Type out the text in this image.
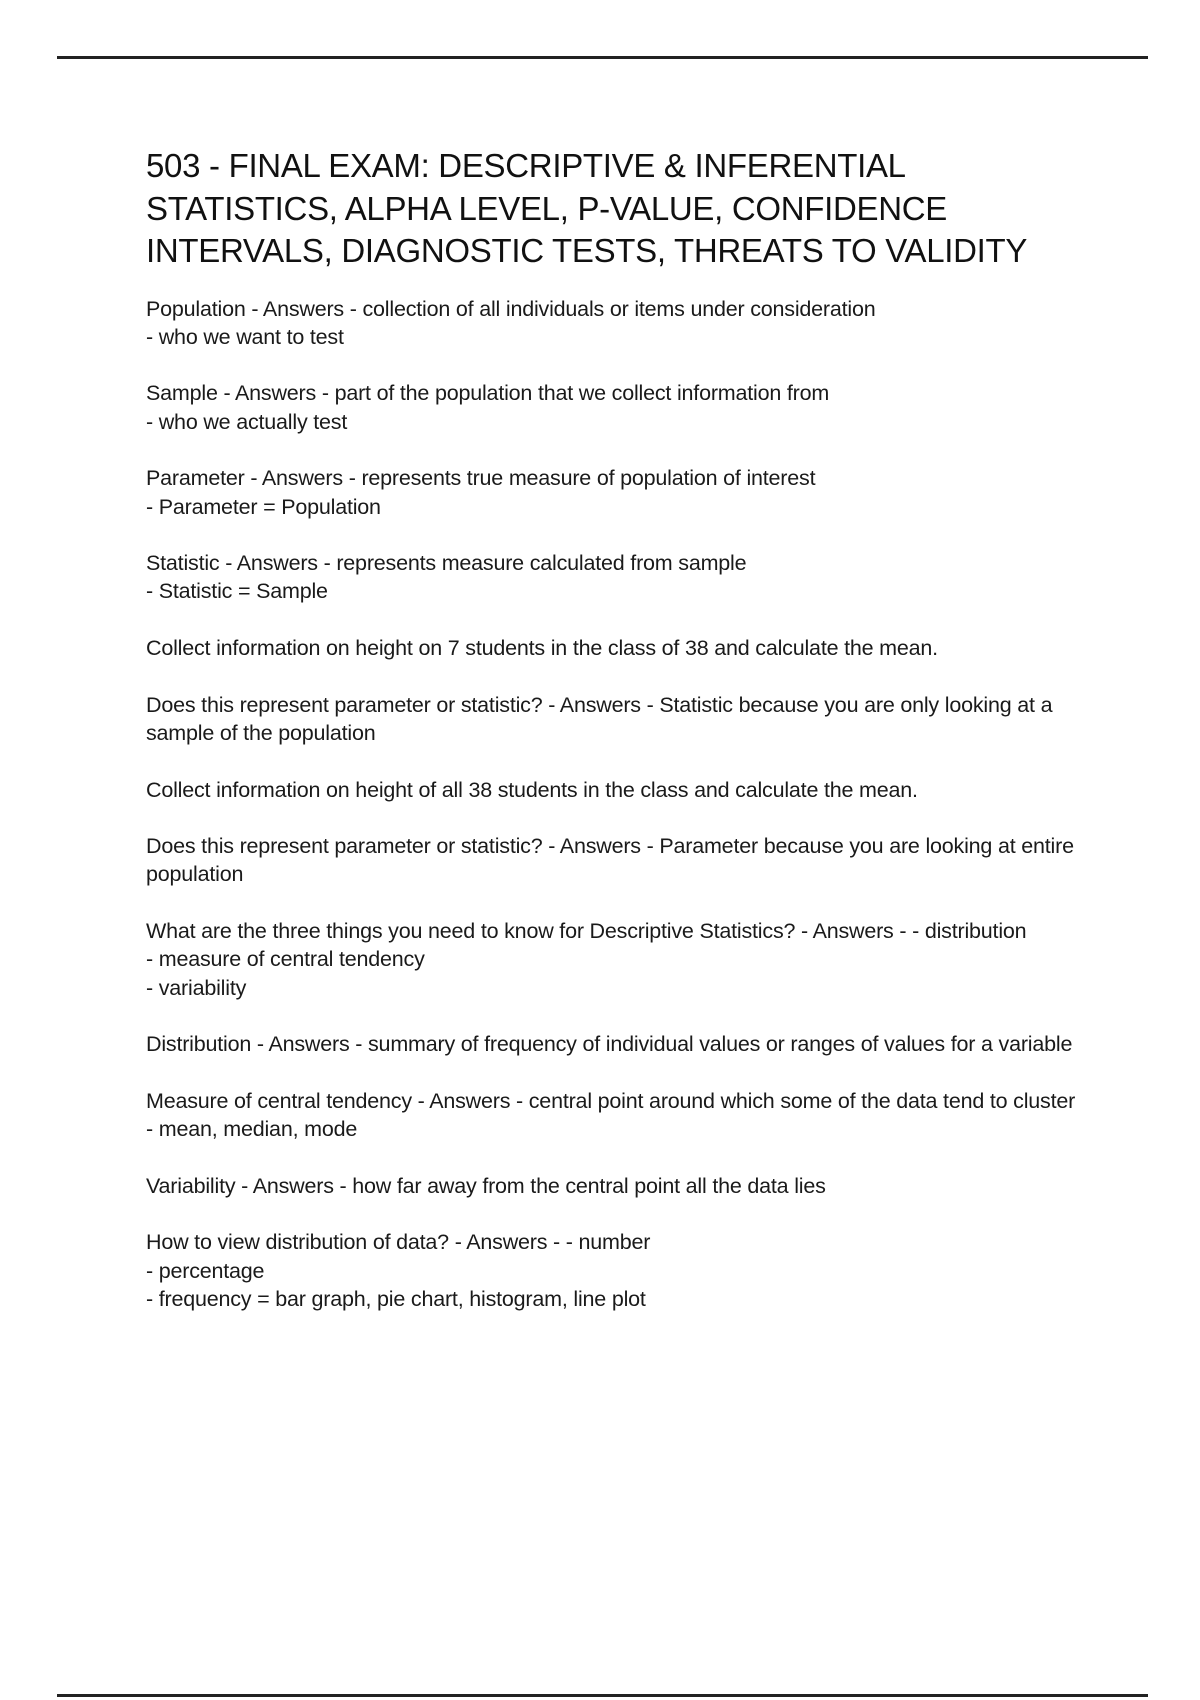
503 - FINAL EXAM: DESCRIPTIVE & INFERENTIAL STATISTICS, ALPHA LEVEL, P-VALUE, CONFIDENCE INTERVALS, DIAGNOSTIC TESTS, THREATS TO VALIDITY
Population - Answers - collection of all individuals or items under consideration
- who we want to test
Sample - Answers - part of the population that we collect information from
- who we actually test
Parameter - Answers - represents true measure of population of interest
- Parameter = Population
Statistic - Answers - represents measure calculated from sample
- Statistic = Sample
Collect information on height on 7 students in the class of 38 and calculate the mean.
Does this represent parameter or statistic? - Answers - Statistic because you are only looking at a sample of the population
Collect information on height of all 38 students in the class and calculate the mean.
Does this represent parameter or statistic? - Answers - Parameter because you are looking at entire population
What are the three things you need to know for Descriptive Statistics? - Answers - - distribution
- measure of central tendency
- variability
Distribution - Answers - summary of frequency of individual values or ranges of values for a variable
Measure of central tendency - Answers - central point around which some of the data tend to cluster
- mean, median, mode
Variability - Answers - how far away from the central point all the data lies
How to view distribution of data? - Answers - - number
- percentage
- frequency = bar graph, pie chart, histogram, line plot
